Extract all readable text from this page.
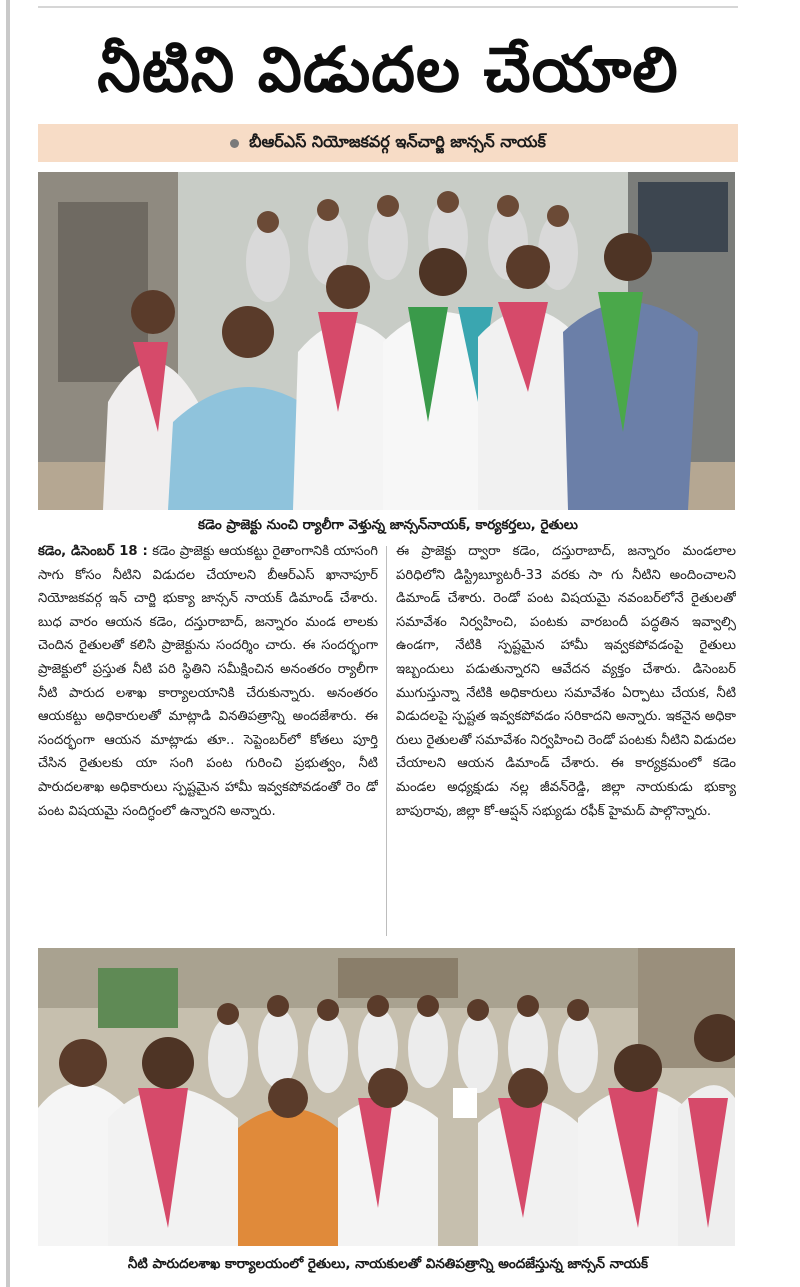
నీటిని విడుదల చేయాలి
బీఆర్ఎస్ నియోజకవర్గ ఇన్‌చార్జి జాన్సన్ నాయక్
కడెం ప్రాజెక్టు నుంచి ర్యాలీగా వెళ్తున్న జాన్సన్‌నాయక్, కార్యకర్తలు, రైతులు

కడెం, డిసెంబర్ 18 : కడెం ప్రాజెక్టు ఆయకట్టు రైతాంగానికి యాసంగి సాగు కోసం నీటిని విడుదల చేయాలని బీఆర్ఎస్ ఖానాపూర్ నియోజకవర్గ ఇన్ చార్జి భుక్యా జాన్సన్ నాయక్ డిమాండ్ చేశారు. బుధ వారం ఆయన కడెం, దస్తురాబాద్, జన్నారం మండ లాలకు చెందిన రైతులతో కలిసి ప్రాజెక్టును సందర్శిం చారు. ఈ సందర్భంగా ప్రాజెక్టులో ప్రస్తుత నీటి పరి స్థితిని సమీక్షించిన అనంతరం ర్యాలీగా నీటి పారుద లశాఖ కార్యాలయానికి చేరుకున్నారు. అనంతరం ఆయకట్టు అధికారులతో మాట్లాడి వినతిపత్రాన్ని అందజేశారు. ఈ సందర్భంగా ఆయన మాట్లాడు తూ.. సెప్టెంబర్‌లో కోతలు పూర్తి చేసిన రైతులకు యా సంగి పంట గురించి ప్రభుత్వం, నీటి పారుదలశాఖ అధికారులు స్పష్టమైన హామీ ఇవ్వకపోవడంతో రెం డో పంట విషయమై సందిగ్ధంలో ఉన్నారని అన్నారు.

ఈ ప్రాజెక్టు ద్వారా కడెం, దస్తురాబాద్, జన్నారం మండలాల పరిధిలోని డిస్ట్రిబ్యూటరీ-33 వరకు సా గు నీటిని అందించాలని డిమాండ్ చేశారు. రెండో పంట విషయమై నవంబర్‌లోనే రైతులతో సమావేశం నిర్వహించి, పంటకు వారబందీ పద్ధతిన ఇవ్వాల్సి ఉండగా, నేటికి స్పష్టమైన హామీ ఇవ్వకపోవడంపై రైతులు ఇబ్బందులు పడుతున్నారని ఆవేదన వ్యక్తం చేశారు. డిసెంబర్ ముగుస్తున్నా నేటికి అధికారులు సమావేశం ఏర్పాటు చేయక, నీటి విడుదలపై స్పష్టత ఇవ్వకపోవడం సరికాదని అన్నారు. ఇకనైన అధికా రులు రైతులతో సమావేశం నిర్వహించి రెండో పంటకు నీటిని విడుదల చేయాలని ఆయన డిమాండ్ చేశారు. ఈ కార్యక్రమంలో కడెం మండల అధ్యక్షుడు నల్ల జీవన్‌రెడ్డి, జిల్లా నాయకుడు భుక్యా బాపురావు, జిల్లా కో-ఆప్షన్ సభ్యుడు రఫీక్ హైమద్ పాల్గొన్నారు.

నీటి పారుదలశాఖ కార్యాలయంలో రైతులు, నాయకులతో వినతిపత్రాన్ని అందజేస్తున్న జాన్సన్ నాయక్
